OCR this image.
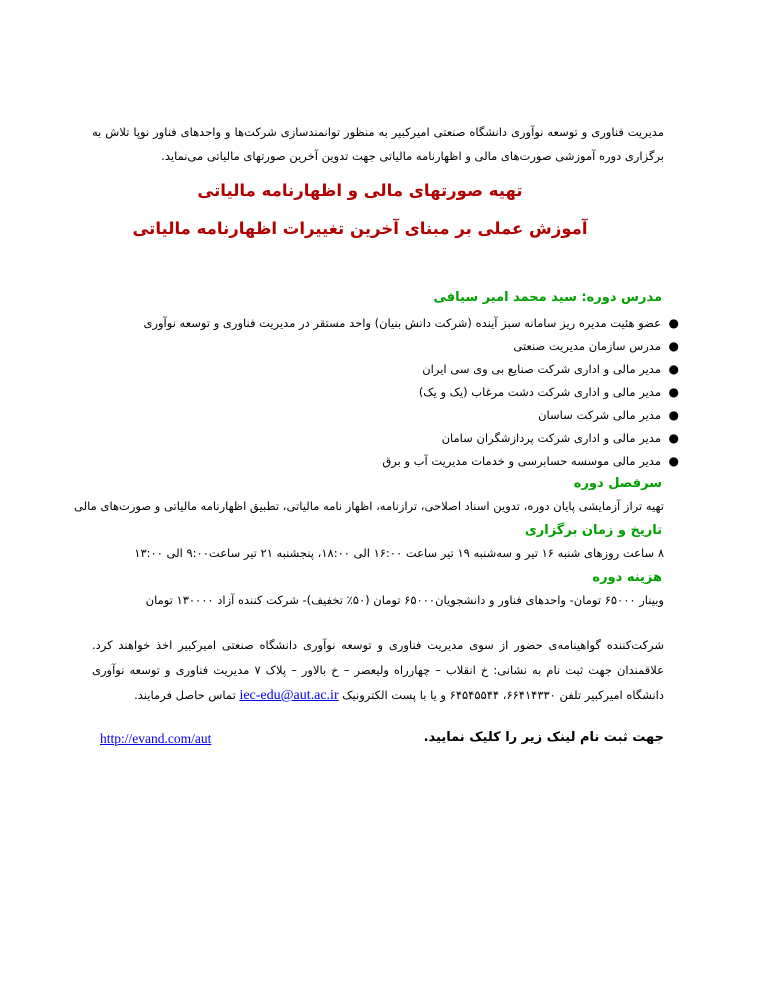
مدیریت فناوری و توسعه نوآوری دانشگاه صنعتی امیرکبیر به منظور توانمندسازی شرکت‌ها و واحدهای فناور نوپا تلاش به برگزاری دوره آموزشی صورت‌های مالی و اظهارنامه مالیاتی جهت تدوین آخرین صورتهای مالیاتی می‌نماید.
تهیه صورتهای مالی و اظهارنامه مالیاتی
آموزش عملی بر مبنای آخرین تغییرات اظهارنامه مالیاتی
مدرس دوره: سید محمد امیر سیافی
●
عضو هئیت مدیره ریز سامانه سبز آینده (شرکت دانش بنیان) واحد مستقر در مدیریت فناوری و توسعه نوآوری
●
مدرس سازمان مدیریت صنعتی
●
مدیر مالی و اداری شرکت صنایع بی وی سی ایران
●
مدیر مالی و اداری شرکت دشت مرغاب (یک و یک)
●
مدیر مالی شرکت ساسان
●
مدیر مالی و اداری شرکت پردازشگران سامان
●
مدیر مالی موسسه حسابرسی و خدمات مدیریت آب و برق
سرفصل دوره
تهیه تراز آزمایشی پایان دوره، تدوین اسناد اصلاحی، ترازنامه، اظهار نامه مالیاتی، تطبیق اظهارنامه مالیاتی و صورت‌های مالی
تاریخ و زمان برگزاری
۸ ساعت روزهای شنبه ۱۶ تیر و سه‌شنبه ۱۹ تیر ساعت ۱۶:۰۰ الی ۱۸:۰۰، پنجشنبه ۲۱ تیر ساعت۹:۰۰ الی ۱۳:۰۰
هزینه دوره
وبینار ۶۵۰۰۰ تومان- واحدهای فناور و دانشجویان۶۵۰۰۰ تومان (۵۰٪ تخفیف)- شرکت کننده آزاد ۱۳۰۰۰۰ تومان
شرکت‌کننده گواهینامه‌ی حضور از سوی مدیریت فناوری و توسعه نوآوری دانشگاه صنعتی امیرکبیر اخذ خواهند کرد. علاقمندان جهت ثبت نام به نشانی: خ انقلاب – چهارراه ولیعصر – خ بالاور – پلاک ۷ مدیریت فناوری و توسعه نوآوری دانشگاه امیرکبیر تلفن ۶۶۴۱۴۳۳۰، ۶۴۵۴۵۵۴۴ و یا با پست الکترونیک iec-edu@aut.ac.ir تماس حاصل فرمایند.
جهت ثبت نام لینک زیر را کلیک نمایید.
http://evand.com/aut
